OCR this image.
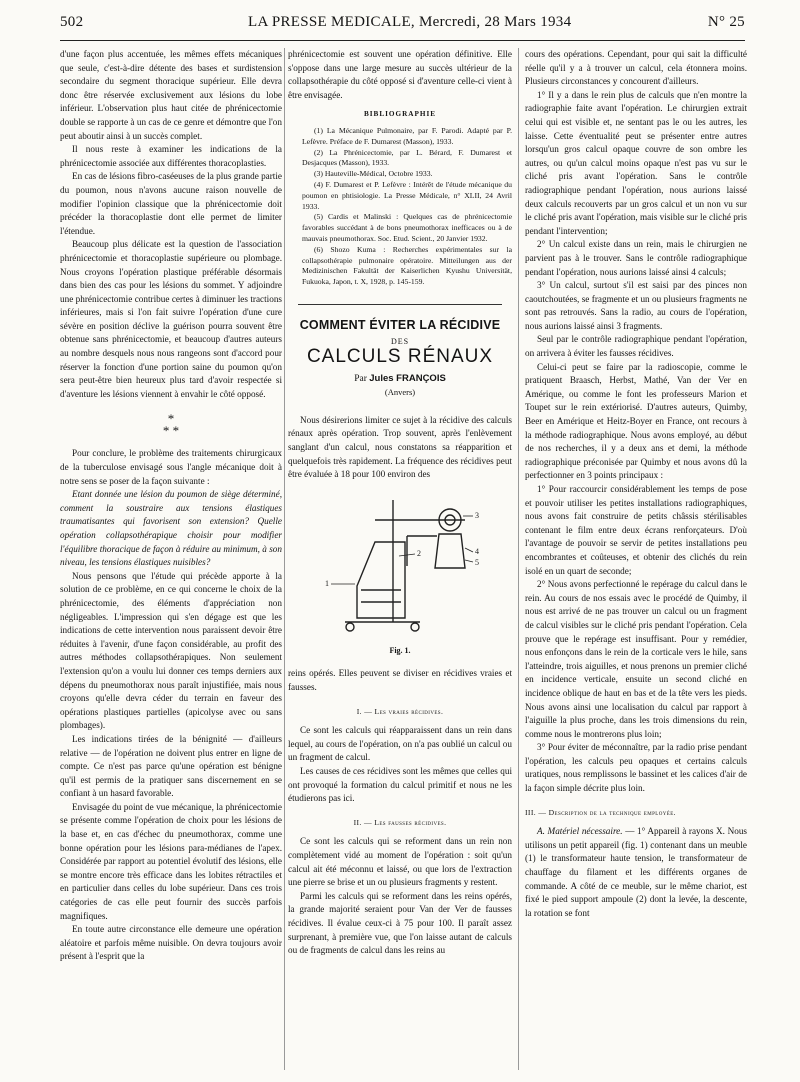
502	LA PRESSE MEDICALE, Mercredi, 28 Mars 1934	N° 25

d'une façon plus accentuée, les mêmes effets mécaniques que seule, c'est-à-dire détente des bases et surdistension secondaire du segment thoracique supérieur. Elle devra donc être réservée exclusivement aux lésions du lobe inférieur. L'observation plus haut citée de phrénicectomie double se rapporte à un cas de ce genre et démontre que l'on peut aboutir ainsi à un succès complet.

Il nous reste à examiner les indications de la phrénicectomie associée aux différentes thoracoplasties.

En cas de lésions fibro-caséeuses de la plus grande partie du poumon, nous n'avons aucune raison nouvelle de modifier l'opinion classique que la phrénicectomie doit précéder la thoracoplastie dont elle permet de limiter l'étendue.

Beaucoup plus délicate est la question de l'association phrénicectomie et thoracoplastie supérieure ou plombage. Nous croyons l'opération plastique préférable désormais dans bien des cas pour les lésions du sommet. Y adjoindre une phrénicectomie contribue certes à diminuer les tractions inférieures, mais si l'on fait suivre l'opération d'une cure sévère en position déclive la guérison pourra souvent être obtenue sans phrénicectomie, et beaucoup d'autres auteurs au nombre desquels nous nous rangeons sont d'accord pour réserver la fonction d'une portion saine du poumon qu'on sera peut-être bien heureux plus tard d'avoir respectée si d'aventure les lésions viennent à envahir le côté opposé.

*
* *

Pour conclure, le problème des traitements chirurgicaux de la tuberculose envisagé sous l'angle mécanique doit à notre sens se poser de la façon suivante :

Etant donnée une lésion du poumon de siège déterminé, comment la soustraire aux tensions élastiques traumatisantes qui favorisent son extension? Quelle opération collapsothérapique choisir pour modifier l'équilibre thoracique de façon à réduire au minimum, à son niveau, les tensions élastiques nuisibles?

Nous pensons que l'étude qui précède apporte à la solution de ce problème, en ce qui concerne le choix de la phrénicectomie, des éléments d'appréciation non négligeables. L'impression qui s'en dégage est que les indications de cette intervention nous paraissent devoir être réduites à l'avenir, d'une façon considérable, au profit des autres méthodes collapsothérapiques. Non seulement l'extension qu'on a voulu lui donner ces temps derniers aux dépens du pneumothorax nous paraît injustifiée, mais nous croyons qu'elle devra céder du terrain en faveur des opérations plastiques partielles (apicolyse avec ou sans plombages).

Les indications tirées de la bénignité — d'ailleurs relative — de l'opération ne doivent plus entrer en ligne de compte. Ce n'est pas parce qu'une opération est bénigne qu'il est permis de la pratiquer sans discernement en se confiant à un hasard favorable.

Envisagée du point de vue mécanique, la phrénicectomie se présente comme l'opération de choix pour les lésions de la base et, en cas d'échec du pneumothorax, comme une bonne opération pour les lésions para-médianes de l'apex. Considérée par rapport au potentiel évolutif des lésions, elle se montre encore très efficace dans les lobites rétractiles et en particulier dans celles du lobe supérieur. Dans ces trois catégories de cas elle peut fournir des succès parfois magnifiques.

En toute autre circonstance elle demeure une opération aléatoire et parfois même nuisible. On devra toujours avoir présent à l'esprit que la

phrénicectomie est souvent une opération définitive. Elle s'oppose dans une large mesure au succès ultérieur de la collapsothérapie du côté opposé si d'aventure celle-ci vient à être envisagée.

BIBLIOGRAPHIE

(1) La Mécanique Pulmonaire, par F. Parodi. Adapté par P. Lefèvre. Préface de F. Dumarest (Masson), 1933.

(2) La Phrénicectomie, par L. Bérard, F. Dumarest et Desjacques (Masson), 1933.

(3) Hauteville-Médical, Octobre 1933.

(4) F. Dumarest et P. Lefèvre : Intérêt de l'étude mécanique du poumon en phtisiologie. La Presse Médicale, n° XLII, 24 Avril 1933.

(5) Cardis et Malinski : Quelques cas de phrénicectomie favorables succédant à de bons pneumothorax inefficaces ou à de mauvais pneumothorax. Soc. Etud. Scient., 20 Janvier 1932.

(6) Shozo Kuma : Recherches expérimentales sur la collapsothérapie pulmonaire opératoire. Mitteilungen aus der Medizinischen Fakultät der Kaiserlichen Kyushu Universität, Fukuoka, Japon, t. X, 1928, p. 145-159.

COMMENT ÉVITER LA RÉCIDIVE
DES
CALCULS RÉNAUX
Par Jules FRANÇOIS
(Anvers)

Nous désirerions limiter ce sujet à la récidive des calculs rénaux après opération. Trop souvent, après l'enlèvement sanglant d'un calcul, nous constatons sa réapparition et quelquefois très rapidement. La fréquence des récidives peut être évaluée à 18 pour 100 environ des

1
2
3
4
5
Fig. 1.

reins opérés. Elles peuvent se diviser en récidives vraies et fausses.

I. — Les vraies récidives.

Ce sont les calculs qui réapparaissent dans un rein dans lequel, au cours de l'opération, on n'a pas oublié un calcul ou un fragment de calcul.

Les causes de ces récidives sont les mêmes que celles qui ont provoqué la formation du calcul primitif et nous ne les étudierons pas ici.

II. — Les fausses récidives.

Ce sont les calculs qui se reforment dans un rein non complètement vidé au moment de l'opération : soit qu'un calcul ait été méconnu et laissé, ou que lors de l'extraction une pierre se brise et un ou plusieurs fragments y restent.

Parmi les calculs qui se reforment dans les reins opérés, la grande majorité seraient pour Van der Ver de fausses récidives. Il évalue ceux-ci à 75 pour 100. Il paraît assez surprenant, à première vue, que l'on laisse autant de calculs ou de fragments de calcul dans les reins au

cours des opérations. Cependant, pour qui sait la difficulté réelle qu'il y a à trouver un calcul, cela étonnera moins. Plusieurs circonstances y concourent d'ailleurs.

1° Il y a dans le rein plus de calculs que n'en montre la radiographie faite avant l'opération. Le chirurgien extrait celui qui est visible et, ne sentant pas le ou les autres, les laisse. Cette éventualité peut se présenter entre autres lorsqu'un gros calcul opaque couvre de son ombre les autres, ou qu'un calcul moins opaque n'est pas vu sur le cliché pris avant l'opération. Sans le contrôle radiographique pendant l'opération, nous aurions laissé deux calculs recouverts par un gros calcul et un non vu sur le cliché pris avant l'opération, mais visible sur le cliché pris pendant l'intervention;

2° Un calcul existe dans un rein, mais le chirurgien ne parvient pas à le trouver. Sans le contrôle radiographique pendant l'opération, nous aurions laissé ainsi 4 calculs;

3° Un calcul, surtout s'il est saisi par des pinces non caoutchoutées, se fragmente et un ou plusieurs fragments ne sont pas retrouvés. Sans la radio, au cours de l'opération, nous aurions laissé ainsi 3 fragments.

Seul par le contrôle radiographique pendant l'opération, on arrivera à éviter les fausses récidives.

Celui-ci peut se faire par la radioscopie, comme le pratiquent Braasch, Herbst, Mathé, Van der Ver en Amérique, ou comme le font les professeurs Marion et Toupet sur le rein extériorisé. D'autres auteurs, Quimby, Beer en Amérique et Heitz-Boyer en France, ont recours à la méthode radiographique. Nous avons employé, au début de nos recherches, il y a deux ans et demi, la méthode radiographique préconisée par Quimby et nous avons dû la perfectionner en 3 points principaux :

1° Pour raccourcir considérablement les temps de pose et pouvoir utiliser les petites installations radiographiques, nous avons fait construire de petits châssis stérilisables contenant le film entre deux écrans renforçateurs. D'où l'avantage de pouvoir se servir de petites installations peu encombrantes et coûteuses, et obtenir des clichés du rein isolé en un quart de seconde;

2° Nous avons perfectionné le repérage du calcul dans le rein. Au cours de nos essais avec le procédé de Quimby, il nous est arrivé de ne pas trouver un calcul ou un fragment de calcul visibles sur le cliché pris pendant l'opération. Cela prouve que le repérage est insuffisant. Pour y remédier, nous enfonçons dans le rein de la corticale vers le hile, sans l'atteindre, trois aiguilles, et nous prenons un premier cliché en incidence verticale, ensuite un second cliché en incidence oblique de haut en bas et de la tête vers les pieds. Nous avons ainsi une localisation du calcul par rapport à l'aiguille la plus proche, dans les trois dimensions du rein, comme nous le montrerons plus loin;

3° Pour éviter de méconnaître, par la radio prise pendant l'opération, les calculs peu opaques et certains calculs uratiques, nous remplissons le bassinet et les calices d'air de la façon simple décrite plus loin.

III. — Description de la technique employée.

A. Matériel nécessaire. — 1° Appareil à rayons X. Nous utilisons un petit appareil (fig. 1) contenant dans un meuble (1) le transformateur haute tension, le transformateur de chauffage du filament et les différents organes de commande. A côté de ce meuble, sur le même chariot, est fixé le pied support ampoule (2) dont la levée, la descente, la rotation se font
